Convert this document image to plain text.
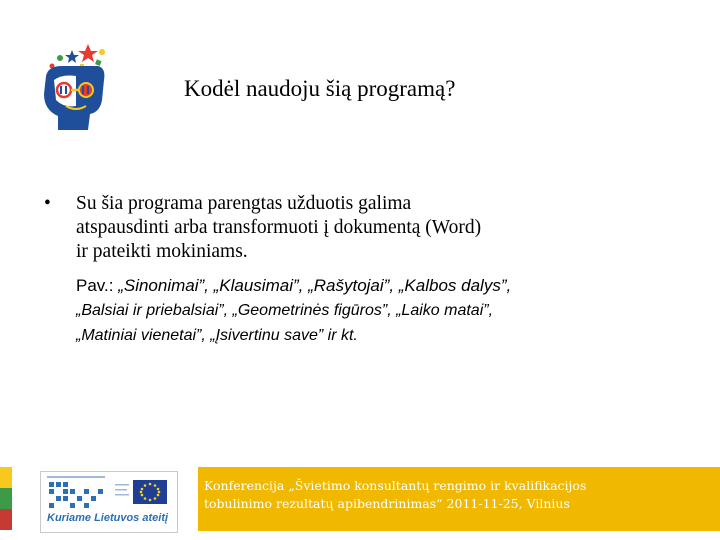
Kodėl naudoju šią programą?
• Su šia programa parengtas užduotis galima
atspausdinti arba transformuoti į dokumentą (Word)
ir pateikti mokiniams.
Pav.: „Sinonimai”, „Klausimai”, „Rašytojai”, „Kalbos dalys”,
„Balsiai ir priebalsiai”, „Geometrinės figūros”, „Laiko matai”,
„Matiniai vienetai”, „Įsivertinu save” ir kt.
Kuriame Lietuvos ateitį
Konferencija „Švietimo konsultantų rengimo ir kvalifikacijos
tobulinimo rezultatų apibendrinimas“ 2011-11-25, Vilnius
